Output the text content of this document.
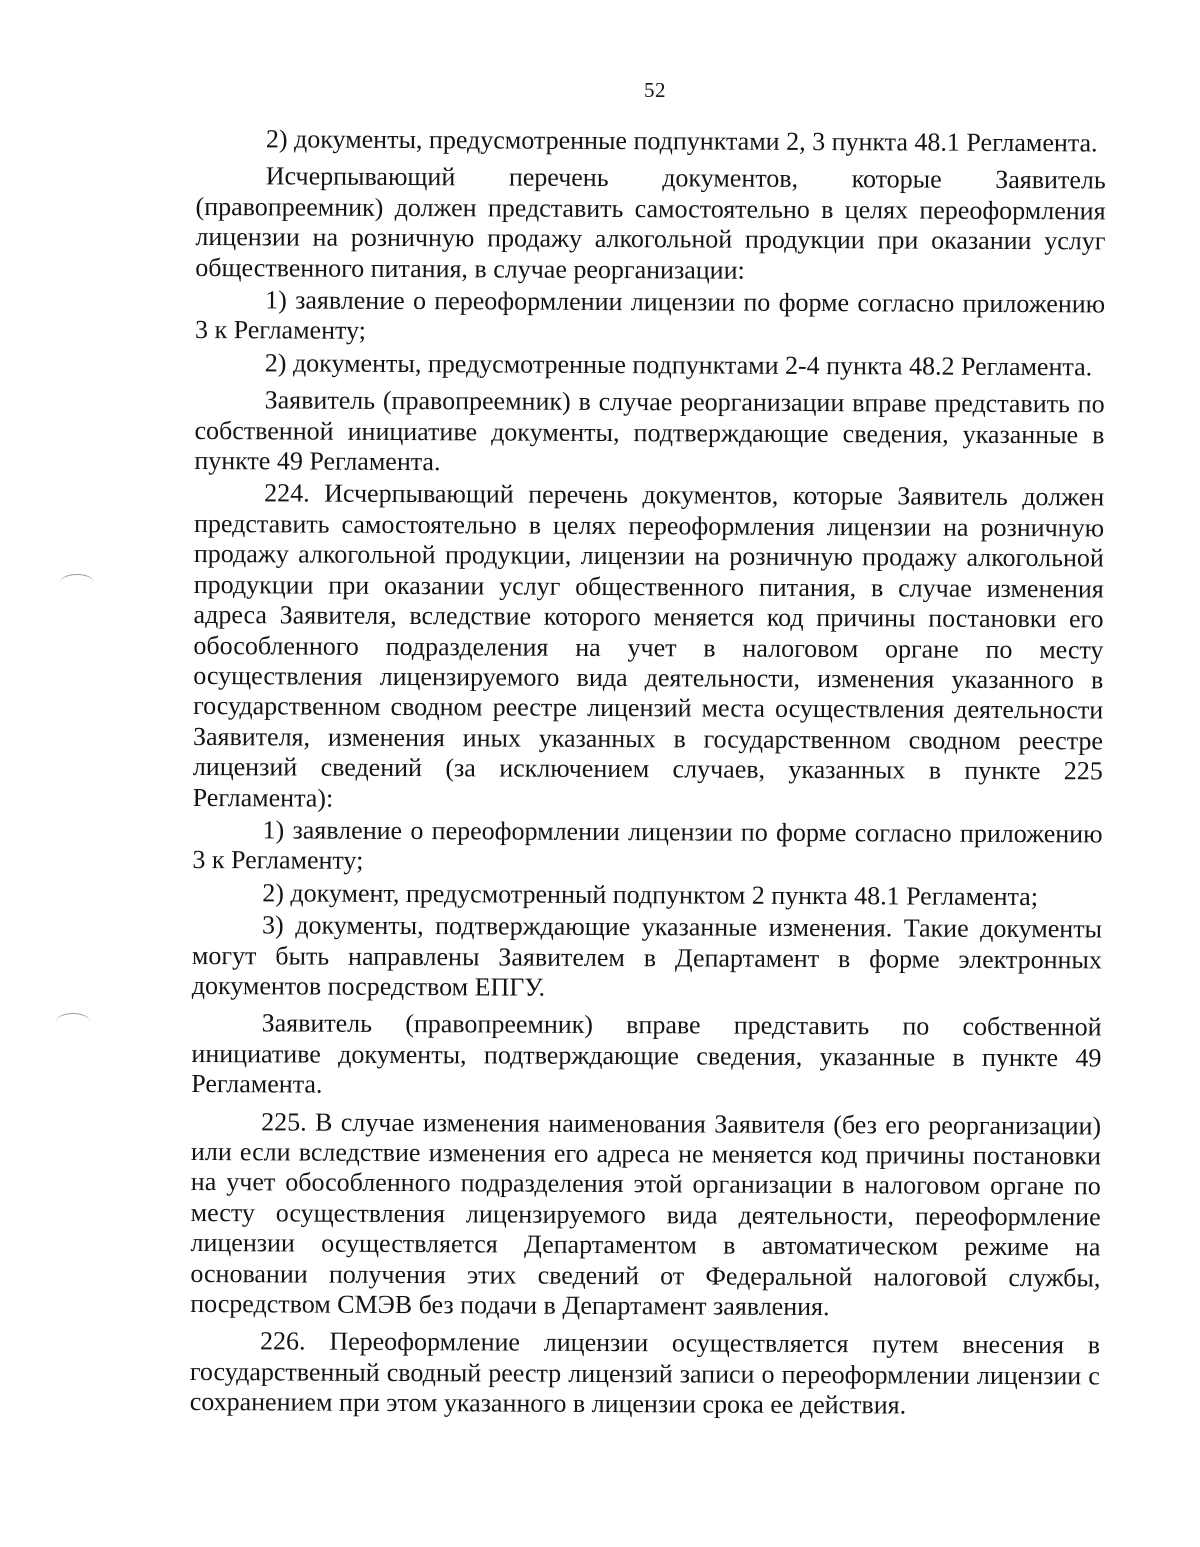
52

2) документы, предусмотренные подпунктами 2, 3 пункта 48.1 Регламента.

Исчерпывающий перечень документов, которые Заявитель (правопреемник) должен представить самостоятельно в целях переоформления лицензии на розничную продажу алкогольной продукции при оказании услуг общественного питания, в случае реорганизации:

1) заявление о переоформлении лицензии по форме согласно приложению 3 к Регламенту;

2) документы, предусмотренные подпунктами 2-4 пункта 48.2 Регламента.

Заявитель (правопреемник) в случае реорганизации вправе представить по собственной инициативе документы, подтверждающие сведения, указанные в пункте 49 Регламента.

224. Исчерпывающий перечень документов, которые Заявитель должен представить самостоятельно в целях переоформления лицензии на розничную продажу алкогольной продукции, лицензии на розничную продажу алкогольной продукции при оказании услуг общественного питания, в случае изменения адреса Заявителя, вследствие которого меняется код причины постановки его обособленного подразделения на учет в налоговом органе по месту осуществления лицензируемого вида деятельности, изменения указанного в государственном сводном реестре лицензий места осуществления деятельности Заявителя, изменения иных указанных в государственном сводном реестре лицензий сведений (за исключением случаев, указанных в пункте 225 Регламента):

1) заявление о переоформлении лицензии по форме согласно приложению 3 к Регламенту;

2) документ, предусмотренный подпунктом 2 пункта 48.1 Регламента;

3) документы, подтверждающие указанные изменения. Такие документы могут быть направлены Заявителем в Департамент в форме электронных документов посредством ЕПГУ.

Заявитель (правопреемник) вправе представить по собственной инициативе документы, подтверждающие сведения, указанные в пункте 49 Регламента.

225. В случае изменения наименования Заявителя (без его реорганизации) или если вследствие изменения его адреса не меняется код причины постановки на учет обособленного подразделения этой организации в налоговом органе по месту осуществления лицензируемого вида деятельности, переоформление лицензии осуществляется Департаментом в автоматическом режиме на основании получения этих сведений от Федеральной налоговой службы, посредством СМЭВ без подачи в Департамент заявления.

226. Переоформление лицензии осуществляется путем внесения в государственный сводный реестр лицензий записи о переоформлении лицензии с сохранением при этом указанного в лицензии срока ее действия.
